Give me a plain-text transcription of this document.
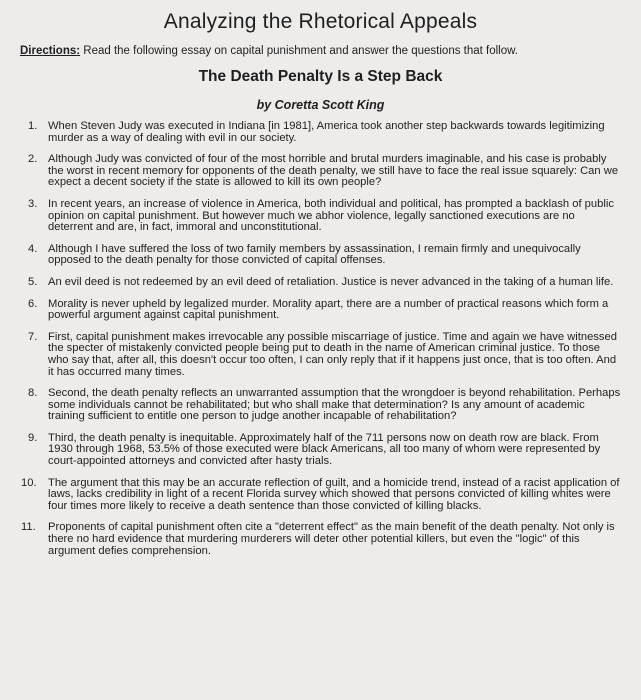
Analyzing the Rhetorical Appeals

Directions: Read the following essay on capital punishment and answer the questions that follow.

The Death Penalty Is a Step Back
by Coretta Scott King
1. When Steven Judy was executed in Indiana [in 1981], America took another step backwards towards legitimizing murder as a way of dealing with evil in our society.
2. Although Judy was convicted of four of the most horrible and brutal murders imaginable, and his case is probably the worst in recent memory for opponents of the death penalty, we still have to face the real issue squarely: Can we expect a decent society if the state is allowed to kill its own people?
3. In recent years, an increase of violence in America, both individual and political, has prompted a backlash of public opinion on capital punishment. But however much we abhor violence, legally sanctioned executions are no deterrent and are, in fact, immoral and unconstitutional.
4. Although I have suffered the loss of two family members by assassination, I remain firmly and unequivocally opposed to the death penalty for those convicted of capital offenses.
5. An evil deed is not redeemed by an evil deed of retaliation. Justice is never advanced in the taking of a human life.
6. Morality is never upheld by legalized murder. Morality apart, there are a number of practical reasons which form a powerful argument against capital punishment.
7. First, capital punishment makes irrevocable any possible miscarriage of justice. Time and again we have witnessed the specter of mistakenly convicted people being put to death in the name of American criminal justice. To those who say that, after all, this doesn't occur too often, I can only reply that if it happens just once, that is too often. And it has occurred many times.
8. Second, the death penalty reflects an unwarranted assumption that the wrongdoer is beyond rehabilitation. Perhaps some individuals cannot be rehabilitated; but who shall make that determination? Is any amount of academic training sufficient to entitle one person to judge another incapable of rehabilitation?
9. Third, the death penalty is inequitable. Approximately half of the 711 persons now on death row are black. From 1930 through 1968, 53.5% of those executed were black Americans, all too many of whom were represented by court-appointed attorneys and convicted after hasty trials.
10. The argument that this may be an accurate reflection of guilt, and a homicide trend, instead of a racist application of laws, lacks credibility in light of a recent Florida survey which showed that persons convicted of killing whites were four times more likely to receive a death sentence than those convicted of killing blacks.
11. Proponents of capital punishment often cite a "deterrent effect" as the main benefit of the death penalty. Not only is there no hard evidence that murdering murderers will deter other potential killers, but even the "logic" of this argument defies comprehension.
